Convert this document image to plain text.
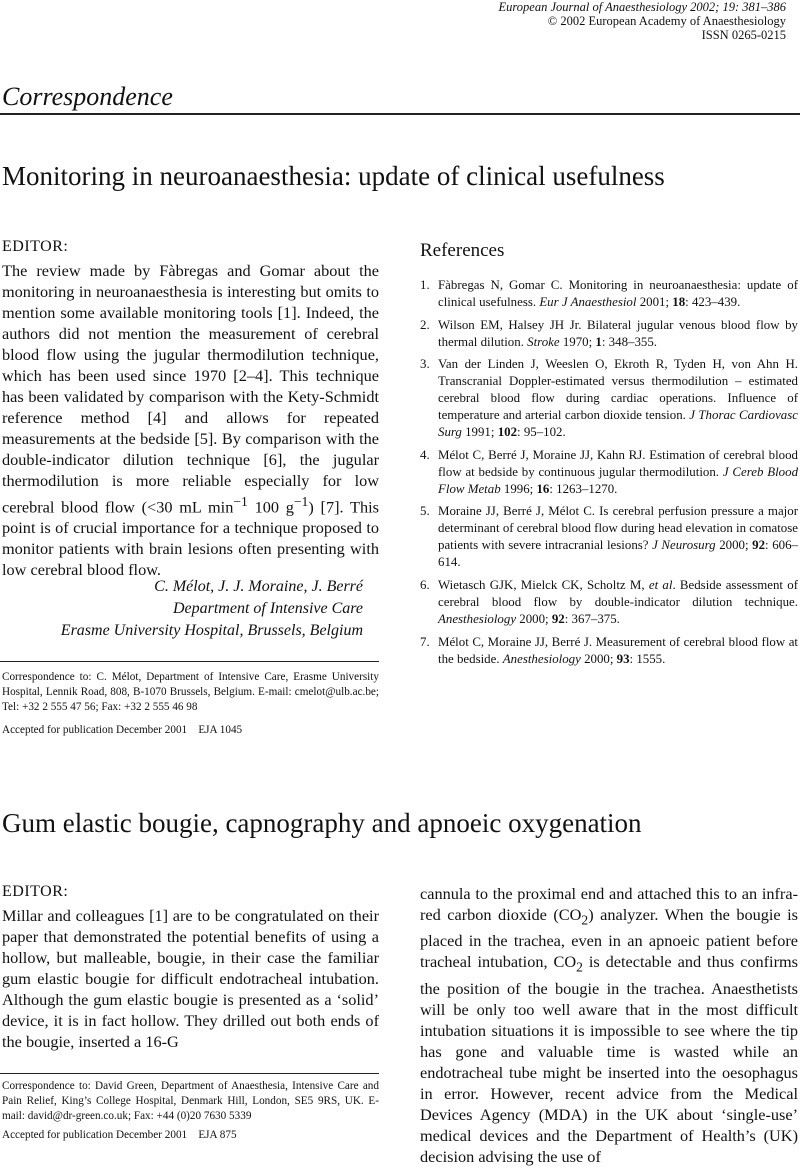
European Journal of Anaesthesiology 2002; 19: 381–386
© 2002 European Academy of Anaesthesiology
ISSN 0265-0215
Correspondence
Monitoring in neuroanaesthesia: update of clinical usefulness
EDITOR:
The review made by Fàbregas and Gomar about the monitoring in neuroanaesthesia is interesting but omits to mention some available monitoring tools [1]. Indeed, the authors did not mention the measurement of cerebral blood flow using the jugular thermodilution technique, which has been used since 1970 [2–4]. This technique has been validated by comparison with the Kety-Schmidt reference method [4] and allows for repeated measurements at the bedside [5]. By comparison with the double-indicator dilution technique [6], the jugular thermodilution is more reliable especially for low cerebral blood flow (<30 mL $\min^{-1} 100$ $g^{-1}$) [7]. This point is of crucial importance for a technique proposed to monitor patients with brain lesions often presenting with low cerebral blood flow.
C. Mélot, J. J. Moraine, J. Berré
Department of Intensive Care
Erasme University Hospital, Brussels, Belgium
Correspondence to: C. Mélot, Department of Intensive Care, Erasme University Hospital, Lennik Road, 808, B-1070 Brussels, Belgium. E-mail: cmelot@ulb.ac.be; Tel: +32 2 555 47 56; Fax: +32 2 555 46 98
Accepted for publication December 2001    EJA 1045
References
1. Fàbregas N, Gomar C. Monitoring in neuroanaesthesia: update of clinical usefulness. Eur J Anaesthesiol 2001; 18: 423–439.
2. Wilson EM, Halsey JH Jr. Bilateral jugular venous blood flow by thermal dilution. Stroke 1970; 1: 348–355.
3. Van der Linden J, Weeslen O, Ekroth R, Tyden H, von Ahn H. Transcranial Doppler-estimated versus thermodilution – estimated cerebral blood flow during cardiac operations. Influence of temperature and arterial carbon dioxide tension. J Thorac Cardiovasc Surg 1991; 102: 95–102.
4. Mélot C, Berré J, Moraine JJ, Kahn RJ. Estimation of cerebral blood flow at bedside by continuous jugular thermodilution. J Cereb Blood Flow Metab 1996; 16: 1263–1270.
5. Moraine JJ, Berré J, Mélot C. Is cerebral perfusion pressure a major determinant of cerebral blood flow during head elevation in comatose patients with severe intracranial lesions? J Neurosurg 2000; 92: 606–614.
6. Wietasch GJK, Mielck CK, Scholtz M, et al. Bedside assessment of cerebral blood flow by double-indicator dilution technique. Anesthesiology 2000; 92: 367–375.
7. Mélot C, Moraine JJ, Berré J. Measurement of cerebral blood flow at the bedside. Anesthesiology 2000; 93: 1555.
Gum elastic bougie, capnography and apnoeic oxygenation
EDITOR:
Millar and colleagues [1] are to be congratulated on their paper that demonstrated the potential benefits of using a hollow, but malleable, bougie, in their case the familiar gum elastic bougie for difficult endotracheal intubation. Although the gum elastic bougie is presented as a ‘solid’ device, it is in fact hollow. They drilled out both ends of the bougie, inserted a 16-G
cannula to the proximal end and attached this to an infra-red carbon dioxide $(CO_2)$ analyzer. When the bougie is placed in the trachea, even in an apnoeic patient before tracheal intubation, $CO_2$ is detectable and thus confirms the position of the bougie in the trachea. Anaesthetists will be only too well aware that in the most difficult intubation situations it is impossible to see where the tip has gone and valuable time is wasted while an endotracheal tube might be inserted into the oesophagus in error. However, recent advice from the Medical Devices Agency (MDA) in the UK about ‘single-use’ medical devices and the Department of Health’s (UK) decision advising the use of
Correspondence to: David Green, Department of Anaesthesia, Intensive Care and Pain Relief, King’s College Hospital, Denmark Hill, London, SE5 9RS, UK. E-mail: david@dr-green.co.uk; Fax: +44 (0)20 7630 5339
Accepted for publication December 2001    EJA 875
